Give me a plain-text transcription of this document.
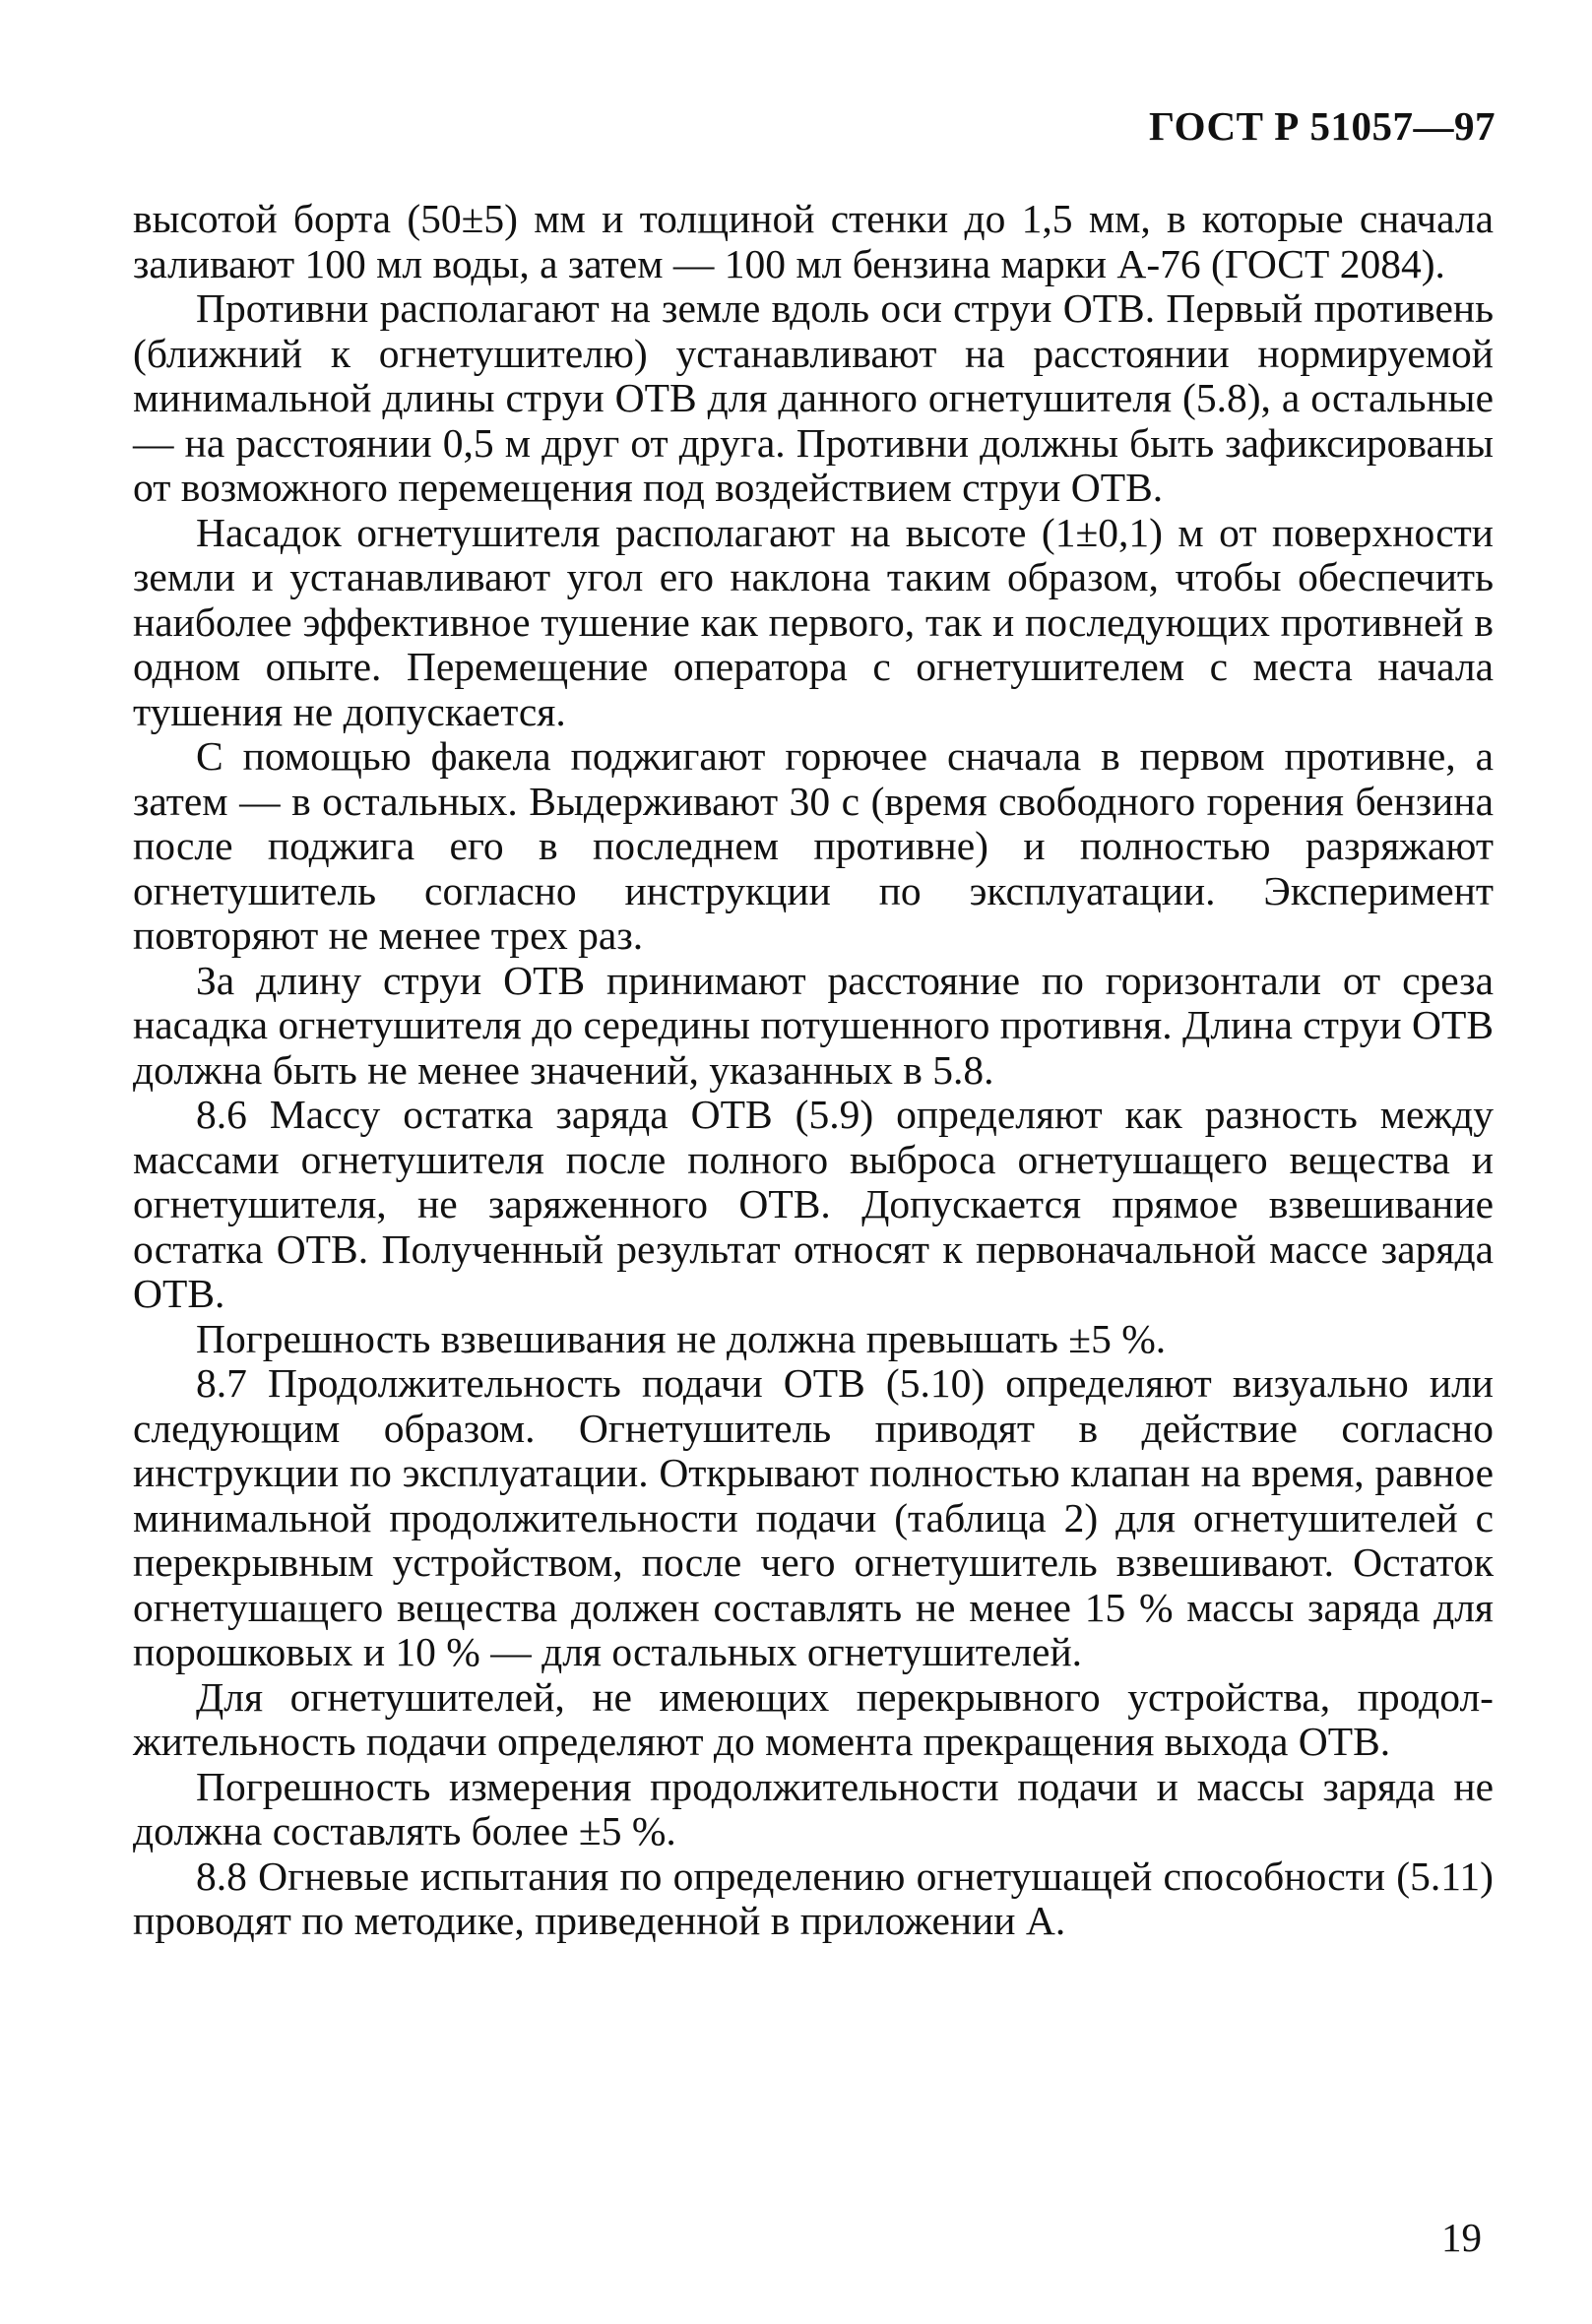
ГОСТ Р 51057—97

высотой борта (50±5) мм и толщиной стенки до 1,5 мм, в которые сначала заливают 100 мл воды, а затем — 100 мл бензина марки А-76 (ГОСТ 2084).

Противни располагают на земле вдоль оси струи ОТВ. Первый противень (ближний к огнетушителю) устанавливают на расстоянии нормируемой минимальной длины струи ОТВ для данного огнетушителя (5.8), а остальные — на расстоянии 0,5 м друг от друга. Противни должны быть зафиксированы от возможного перемещения под воздействием струи ОТВ.

Насадок огнетушителя располагают на высоте (1±0,1) м от поверхности земли и устанавливают угол его наклона таким образом, чтобы обеспечить наиболее эффективное тушение как первого, так и последующих противней в одном опыте. Перемещение оператора с огнетушителем с места начала тушения не допускается.

С помощью факела поджигают горючее сначала в первом противне, а затем — в остальных. Выдерживают 30 с (время свободного горения бензина после поджига его в последнем противне) и полностью разряжают огнетушитель согласно инструкции по эксплуатации. Эксперимент повторяют не менее трех раз.

За длину струи ОТВ принимают расстояние по горизонтали от среза насадка огнетушителя до середины потушенного противня. Длина струи ОТВ должна быть не менее значений, указанных в 5.8.

8.6 Массу остатка заряда ОТВ (5.9) определяют как разность между массами огнетушителя после полного выброса огнетушащего вещества и огнетушителя, не заряженного ОТВ. Допускается прямое взвешивание остатка ОТВ. Полученный результат относят к первоначальной массе заряда ОТВ.

Погрешность взвешивания не должна превышать ±5 %.

8.7 Продолжительность подачи ОТВ (5.10) определяют визуально или следующим образом. Огнетушитель приводят в действие согласно инструкции по эксплуатации. Открывают полностью клапан на время, равное минимальной продолжительности подачи (таблица 2) для огнетушителей с перекрывным устройством, после чего огнетушитель взвешивают. Остаток огнетушащего вещества должен составлять не менее 15 % массы заряда для порошковых и 10 % — для остальных огнетушителей.

Для огнетушителей, не имеющих перекрывного устройства, продолжительность подачи определяют до момента прекращения выхода ОТВ.

Погрешность измерения продолжительности подачи и массы заряда не должна составлять более ±5 %.

8.8 Огневые испытания по определению огнетушащей способности (5.11) проводят по методике, приведенной в приложении А.

19
